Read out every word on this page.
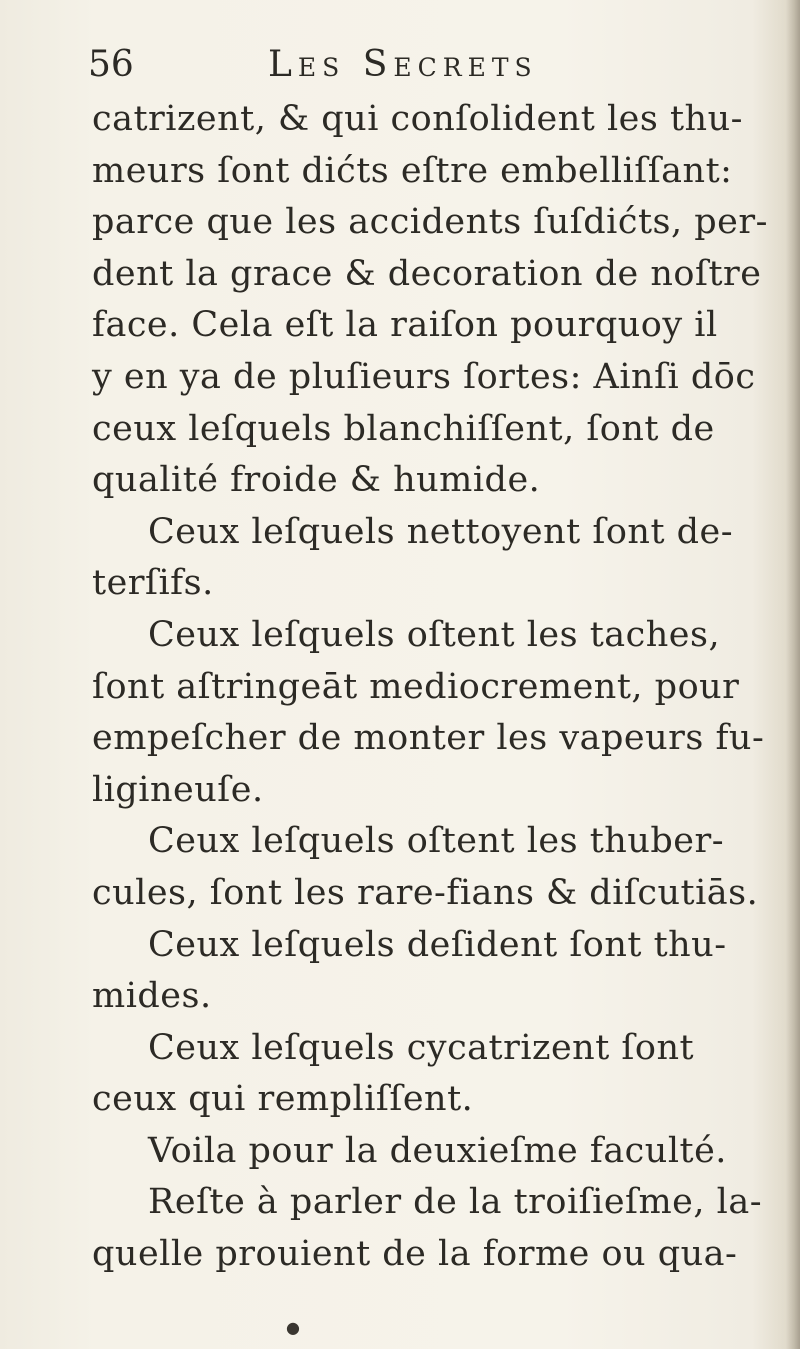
56	Les Secrets
catrizent, & qui conſolident les thu-
meurs ſont dićts eſtre embelliſſant:
parce que les accidents ſuſdićts, per-
dent la grace & decoration de noſtre
face. Cela eſt la raiſon pourquoy il
y en ya de pluſieurs ſortes: Ainſi dōc
ceux leſquels blanchiſſent, ſont de
qualité froide & humide.
Ceux leſquels nettoyent ſont de-
terſifs.
Ceux leſquels oſtent les taches,
ſont aſtringeāt mediocrement, pour
empeſcher de monter les vapeurs fu-
ligineuſe.
Ceux leſquels oſtent les thuber-
cules, ſont les rare-fians & diſcutiās.
Ceux leſquels deſident ſont thu-
mides.
Ceux leſquels cycatrizent ſont
ceux qui rempliſſent.
Voila pour la deuxieſme faculté.
Reſte à parler de la troiſieſme, la-
quelle prouient de la forme ou qua-
●
